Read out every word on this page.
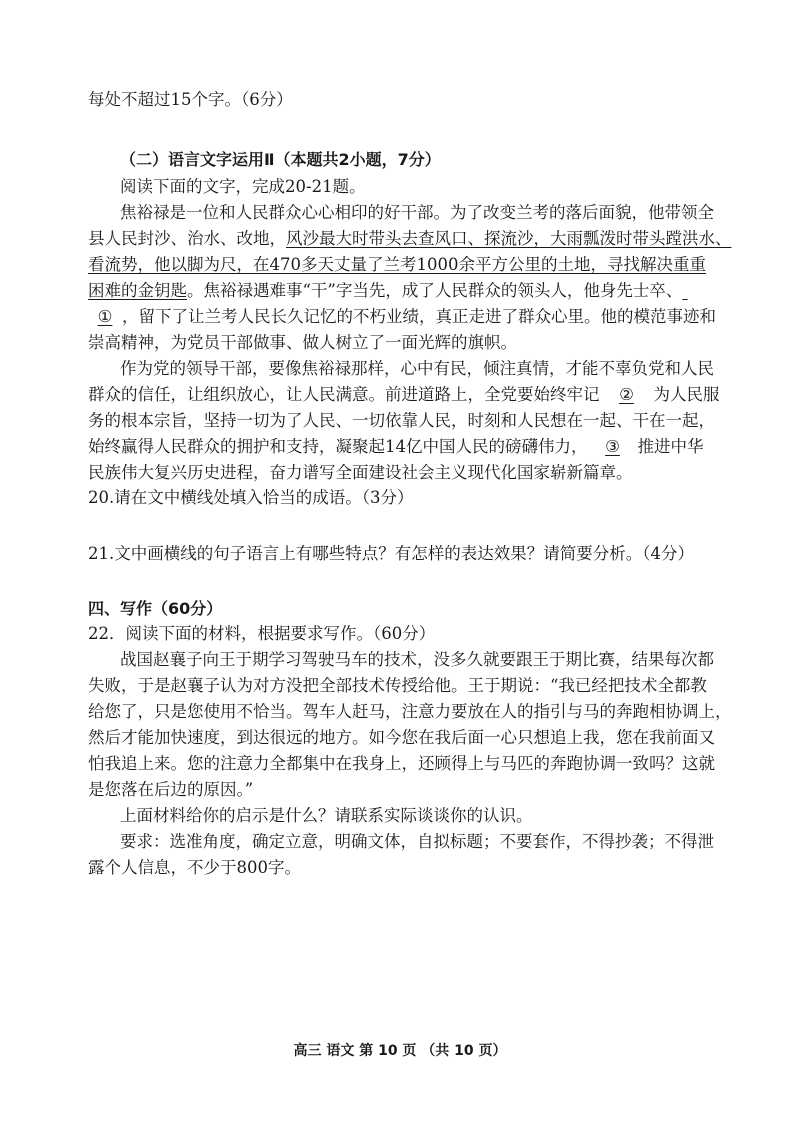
每处不超过15个字。（6分）
（二）语言文字运用Ⅱ（本题共2小题，7分）
阅读下面的文字，完成20-21题。
焦裕禄是一位和人民群众心心相印的好干部。为了改变兰考的落后面貌，他带领全
县人民封沙、治水、改地，风沙最大时带头去查风口、探流沙，大雨瓢泼时带头蹚洪水、
看流势，他以脚为尺，在470多天丈量了兰考1000余平方公里的土地，寻找解决重重
困难的金钥匙。焦裕禄遇难事“干”字当先，成了人民群众的领头人，他身先士卒、
① ，留下了让兰考人民长久记忆的不朽业绩，真正走进了群众心里。他的模范事迹和
崇高精神，为党员干部做事、做人树立了一面光辉的旗帜。
作为党的领导干部，要像焦裕禄那样，心中有民，倾注真情，才能不辜负党和人民
群众的信任，让组织放心，让人民满意。前进道路上，全党要始终牢记 ② 为人民服
务的根本宗旨，坚持一切为了人民、一切依靠人民，时刻和人民想在一起、干在一起，
始终赢得人民群众的拥护和支持，凝聚起14亿中国人民的磅礴伟力， ③ 推进中华
民族伟大复兴历史进程，奋力谱写全面建设社会主义现代化国家崭新篇章。
20.请在文中横线处填入恰当的成语。（3分）
21.文中画横线的句子语言上有哪些特点？有怎样的表达效果？请简要分析。（4分）
四、写作（60分）
22．阅读下面的材料，根据要求写作。（60分）
战国赵襄子向王于期学习驾驶马车的技术，没多久就要跟王于期比赛，结果每次都
失败，于是赵襄子认为对方没把全部技术传授给他。王于期说：“我已经把技术全都教
给您了，只是您使用不恰当。驾车人赶马，注意力要放在人的指引与马的奔跑相协调上，
然后才能加快速度，到达很远的地方。如今您在我后面一心只想追上我，您在我前面又
怕我追上来。您的注意力全都集中在我身上，还顾得上与马匹的奔跑协调一致吗？这就
是您落在后边的原因。”
上面材料给你的启示是什么？请联系实际谈谈你的认识。
要求：选准角度，确定立意，明确文体，自拟标题；不要套作，不得抄袭；不得泄
露个人信息，不少于800字。
高三 语文 第 10 页 （共 10 页）
